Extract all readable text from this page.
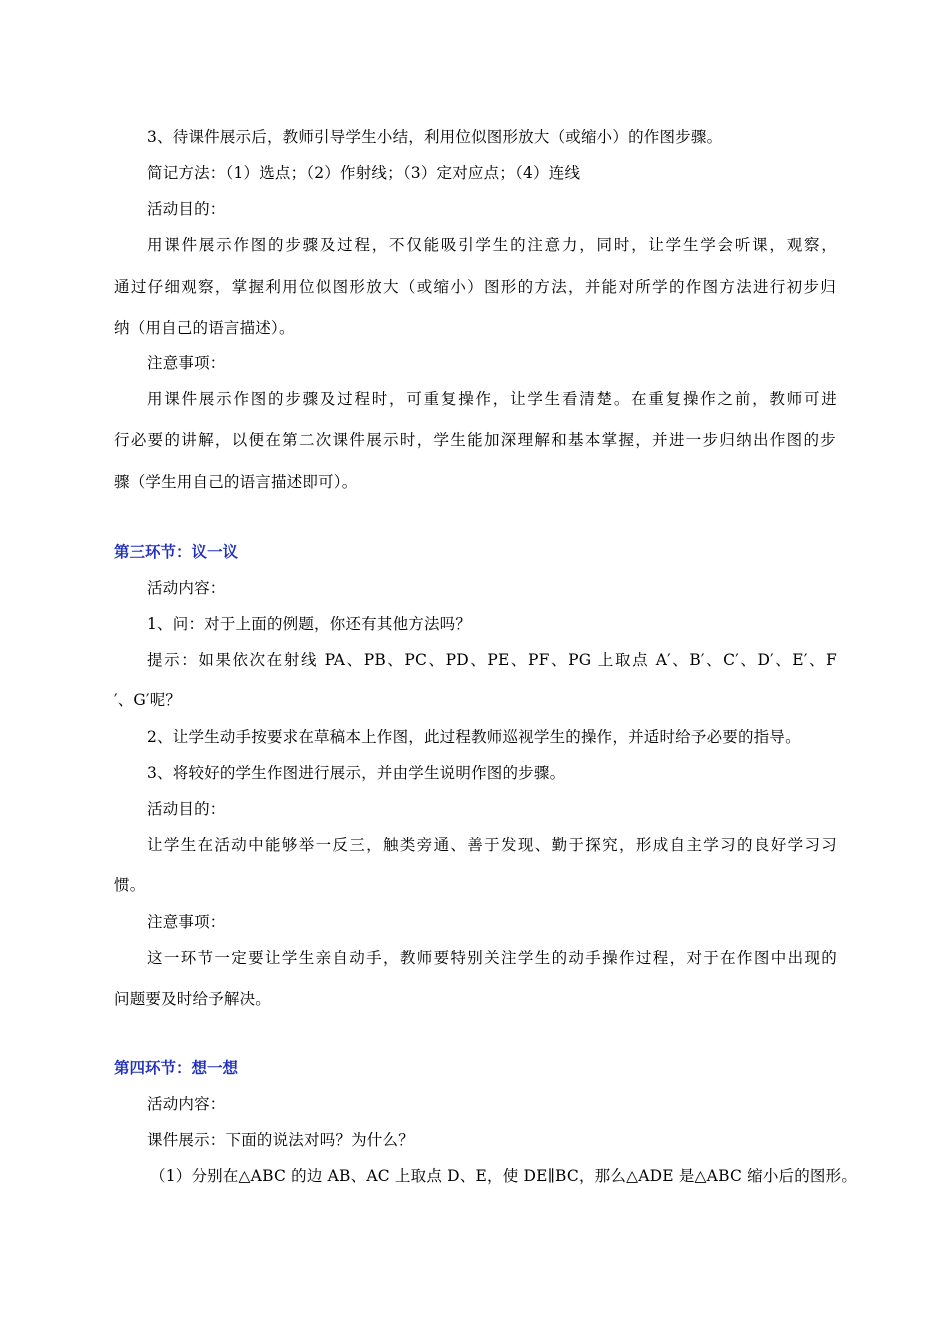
3、待课件展示后，教师引导学生小结，利用位似图形放大（或缩小）的作图步骤。
简记方法：（1）选点；（2）作射线；（3）定对应点；（4）连线
活动目的：
用课件展示作图的步骤及过程，不仅能吸引学生的注意力，同时，让学生学会听课，观察，
通过仔细观察，掌握利用位似图形放大（或缩小）图形的方法，并能对所学的作图方法进行初步归
纳（用自己的语言描述）。
注意事项：
用课件展示作图的步骤及过程时，可重复操作，让学生看清楚。在重复操作之前，教师可进
行必要的讲解，以便在第二次课件展示时，学生能加深理解和基本掌握，并进一步归纳出作图的步
骤（学生用自己的语言描述即可）。
第三环节：议一议
活动内容：
1、问：对于上面的例题，你还有其他方法吗？
提示：如果依次在射线 PA、PB、PC、PD、PE、PF、PG 上取点 A′、B′、C′、D′、E′、F
′、G′呢？
2、让学生动手按要求在草稿本上作图，此过程教师巡视学生的操作，并适时给予必要的指导。
3、将较好的学生作图进行展示，并由学生说明作图的步骤。
活动目的：
让学生在活动中能够举一反三，触类旁通、善于发现、勤于探究，形成自主学习的良好学习习
惯。
注意事项：
这一环节一定要让学生亲自动手，教师要特别关注学生的动手操作过程，对于在作图中出现的
问题要及时给予解决。
第四环节：想一想
活动内容：
课件展示：下面的说法对吗？为什么？
（1）分别在△ABC 的边 AB、AC 上取点 D、E，使 DE∥BC，那么△ADE 是△ABC 缩小后的图形。
